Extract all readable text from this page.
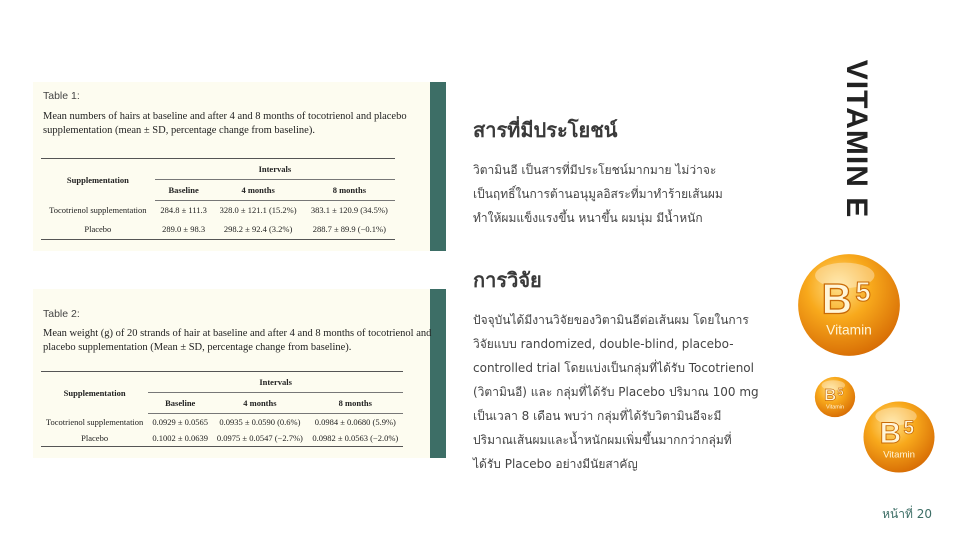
Table 1:
Mean numbers of hairs at baseline and after 4 and 8 months of tocotrienol and placebo supplementation (mean ± SD, percentage change from baseline).
Supplementation	Intervals		
	Baseline	4 months	8 months
Tocotrienol supplementation	284.8 ± 111.3	328.0 ± 121.1 (15.2%)	383.1 ± 120.9 (34.5%)
Placebo	289.0 ± 98.3	298.2 ± 92.4 (3.2%)	288.7 ± 89.9 (−0.1%)
Table 2:
Mean weight (g) of 20 strands of hair at baseline and after 4 and 8 months of tocotrienol and placebo supplementation (Mean ± SD, percentage change from baseline).
Supplementation	Intervals		
	Baseline	4 months	8 months
Tocotrienol supplementation	0.0929 ± 0.0565	0.0935 ± 0.0590 (0.6%)	0.0984 ± 0.0680 (5.9%)
Placebo	0.1002 ± 0.0639	0.0975 ± 0.0547 (−2.7%)	0.0982 ± 0.0563 (−2.0%)
สารที่มีประโยชน์
วิตามินอี เป็นสารที่มีประโยชน์มากมาย ไม่ว่าจะ
เป็นฤทธิ์ในการต้านอนุมูลอิสระที่มาทำร้ายเส้นผม
ทำให้ผมแข็งแรงขึ้น หนาขึ้น ผมนุ่ม มีน้ำหนัก
การวิจัย
ปัจจุบันได้มีงานวิจัยของวิตามินอีต่อเส้นผม โดยในการ
วิจัยแบบ randomized, double-blind, placebo-
controlled trial โดยแบ่งเป็นกลุ่มที่ได้รับ Tocotrienol
(วิตามินอี) และ กลุ่มที่ได้รับ Placebo ปริมาณ 100 mg
เป็นเวลา 8 เดือน พบว่า กลุ่มที่ได้รับวิตามินอีจะมี
ปริมาณเส้นผมและน้ำหนักผมเพิ่มขึ้นมากกว่ากลุ่มที่
ได้รับ Placebo อย่างมีนัยสาคัญ
VITAMIN E
B 5
Vitamin
B 5
Vitamin
B 5
Vitamin
หน้าที่ 20
